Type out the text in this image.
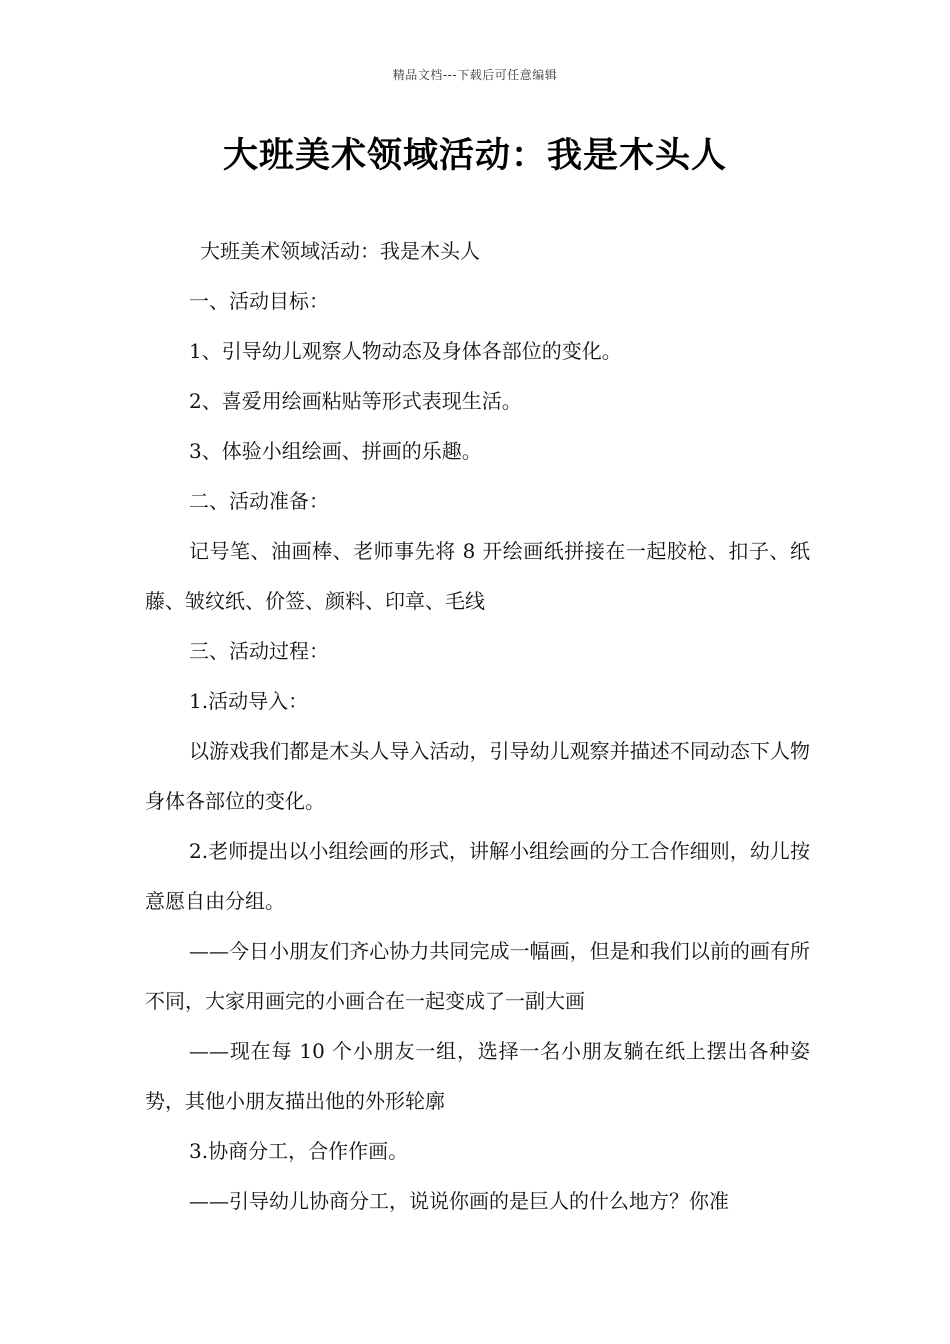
精品文档---下载后可任意编辑
大班美术领域活动：我是木头人

大班美术领域活动：我是木头人

一、活动目标：

1、引导幼儿观察人物动态及身体各部位的变化。

2、喜爱用绘画粘贴等形式表现生活。

3、体验小组绘画、拼画的乐趣。

二、活动准备：

记号笔、油画棒、老师事先将 8 开绘画纸拼接在一起胶枪、扣子、纸藤、皱纹纸、价签、颜料、印章、毛线

三、活动过程：

1.活动导入：

以游戏我们都是木头人导入活动，引导幼儿观察并描述不同动态下人物身体各部位的变化。

2.老师提出以小组绘画的形式，讲解小组绘画的分工合作细则，幼儿按意愿自由分组。

——今日小朋友们齐心协力共同完成一幅画，但是和我们以前的画有所不同，大家用画完的小画合在一起变成了一副大画

——现在每 10 个小朋友一组，选择一名小朋友躺在纸上摆出各种姿势，其他小朋友描出他的外形轮廓

3.协商分工，合作作画。

——引导幼儿协商分工，说说你画的是巨人的什么地方？你准
